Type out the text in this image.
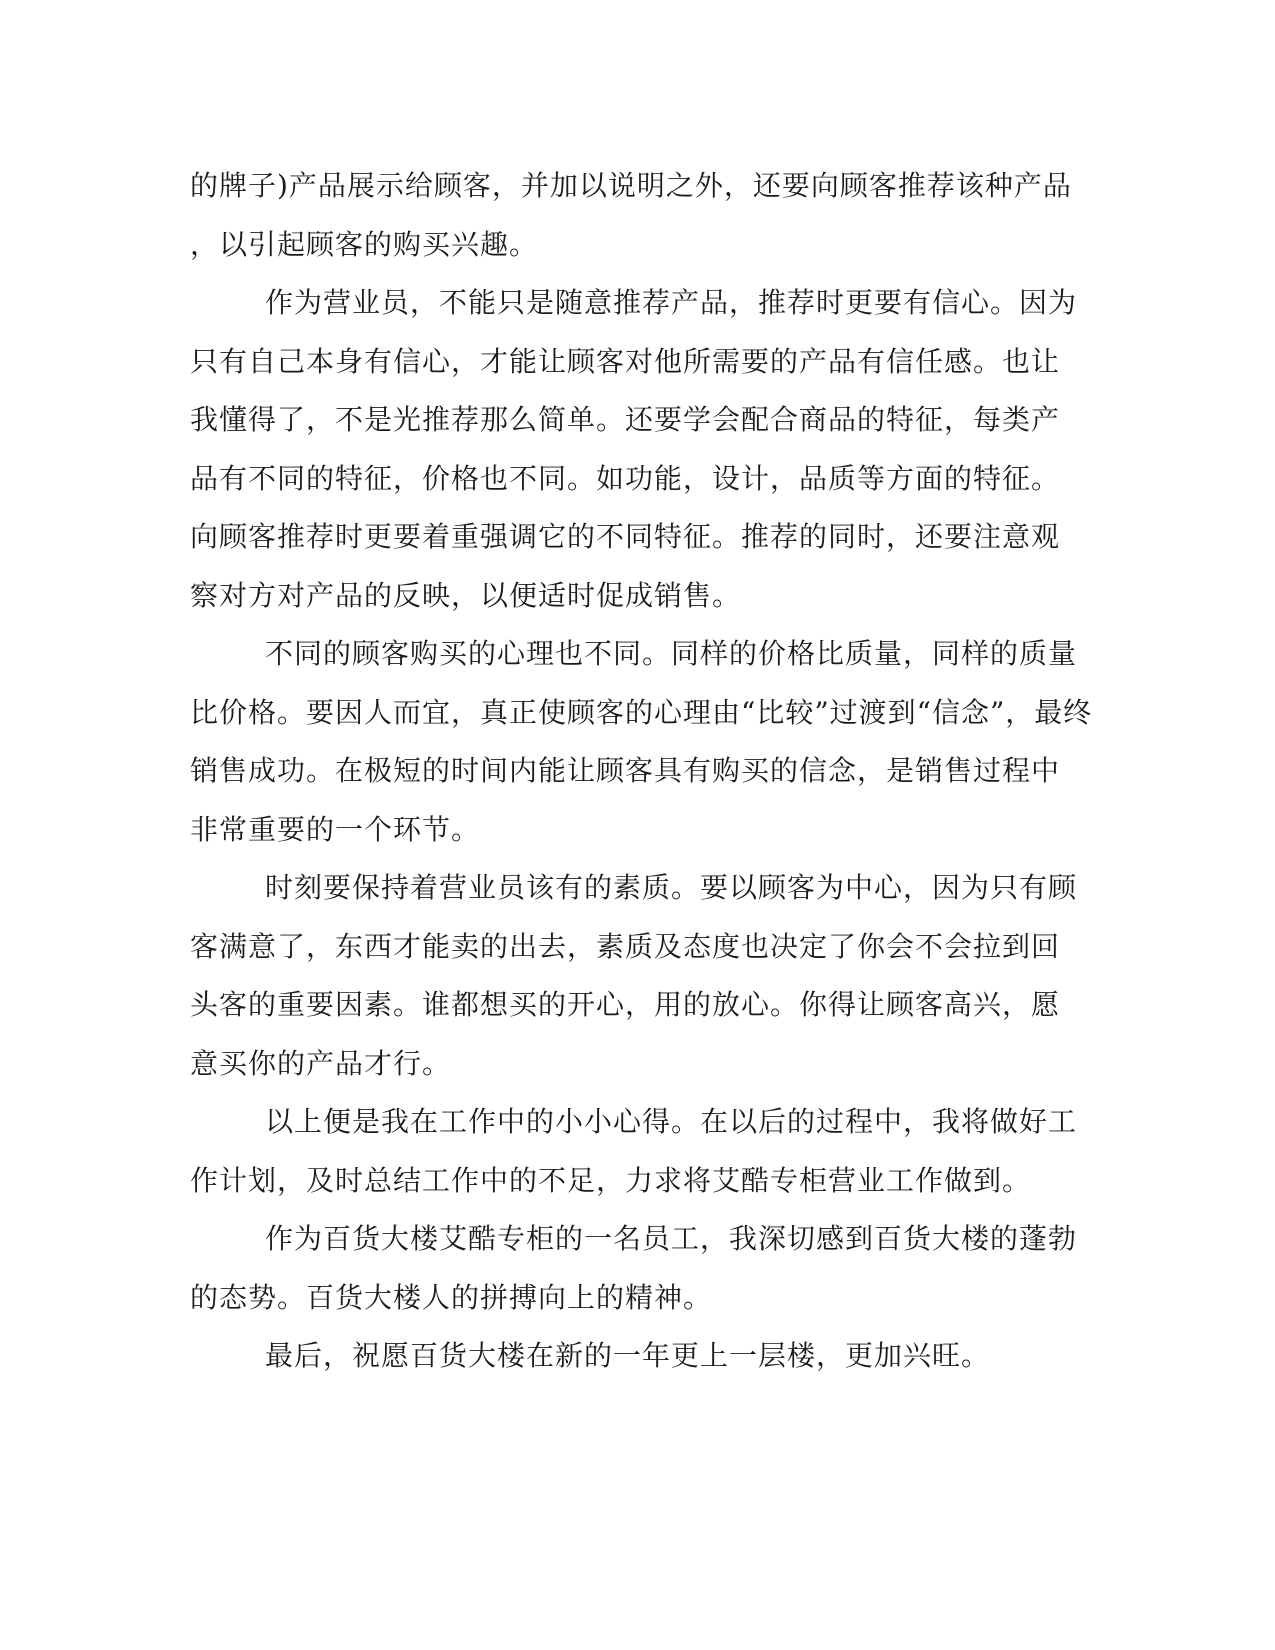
的牌子)产品展示给顾客，并加以说明之外，还要向顾客推荐该种产品
，以引起顾客的购买兴趣。
作为营业员，不能只是随意推荐产品，推荐时更要有信心。因为
只有自己本身有信心，才能让顾客对他所需要的产品有信任感。也让
我懂得了，不是光推荐那么简单。还要学会配合商品的特征，每类产
品有不同的特征，价格也不同。如功能，设计，品质等方面的特征。
向顾客推荐时更要着重强调它的不同特征。推荐的同时，还要注意观
察对方对产品的反映，以便适时促成销售。
不同的顾客购买的心理也不同。同样的价格比质量，同样的质量
比价格。要因人而宜，真正使顾客的心理由“比较”过渡到“信念”，最终
销售成功。在极短的时间内能让顾客具有购买的信念，是销售过程中
非常重要的一个环节。
时刻要保持着营业员该有的素质。要以顾客为中心，因为只有顾
客满意了，东西才能卖的出去，素质及态度也决定了你会不会拉到回
头客的重要因素。谁都想买的开心，用的放心。你得让顾客高兴，愿
意买你的产品才行。
以上便是我在工作中的小小心得。在以后的过程中，我将做好工
作计划，及时总结工作中的不足，力求将艾酷专柜营业工作做到。
作为百货大楼艾酷专柜的一名员工，我深切感到百货大楼的蓬勃
的态势。百货大楼人的拼搏向上的精神。
最后，祝愿百货大楼在新的一年更上一层楼，更加兴旺。
